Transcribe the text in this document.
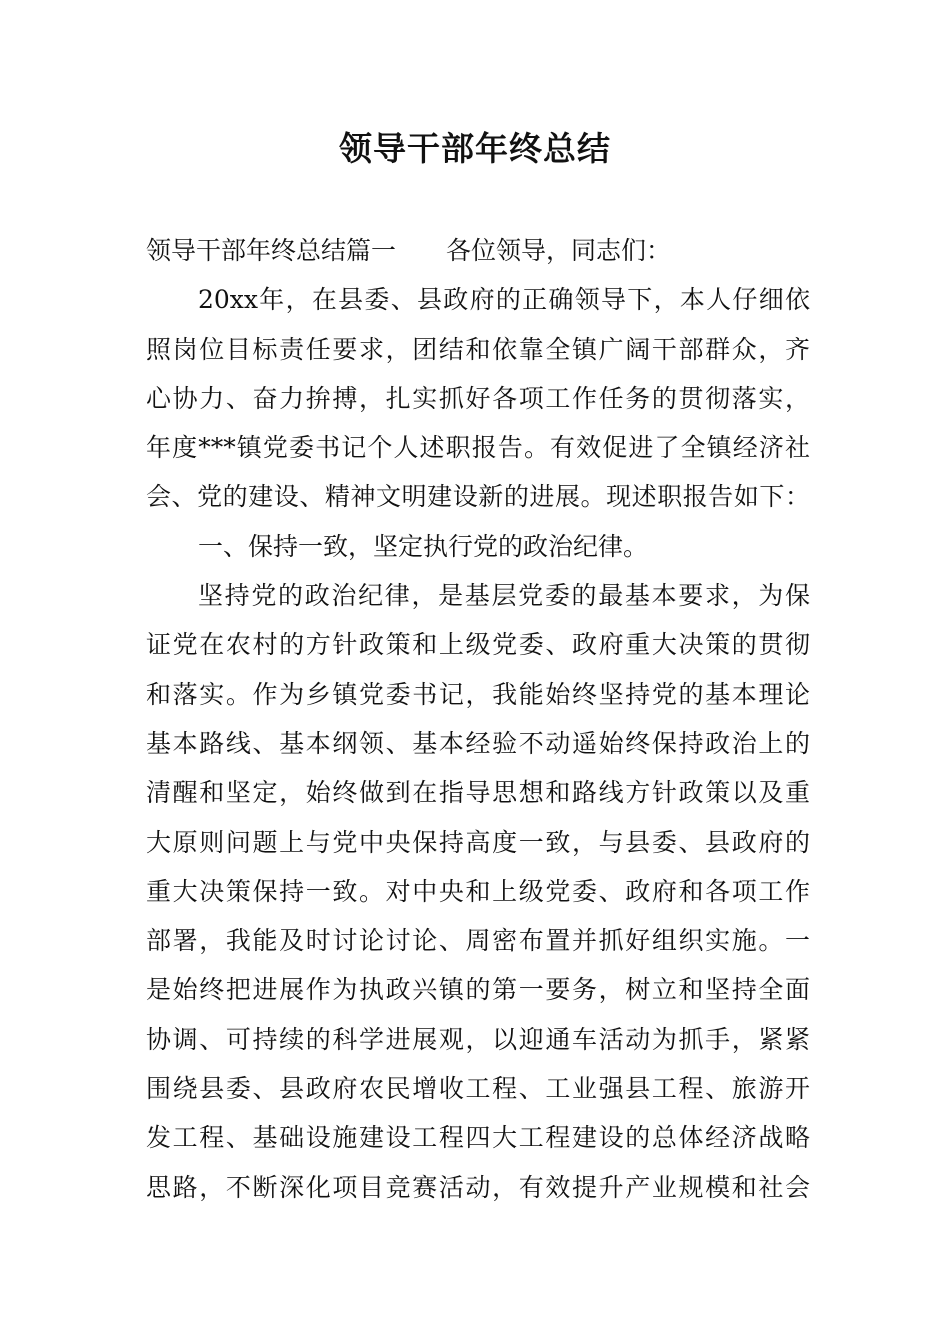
领导干部年终总结
领导干部年终总结篇一 各位领导，同志们：
20xx年，在县委、县政府的正确领导下，本人仔细依
照岗位目标责任要求，团结和依靠全镇广阔干部群众，齐
心协力、奋力拚搏，扎实抓好各项工作任务的贯彻落实，
年度***镇党委书记个人述职报告。有效促进了全镇经济社
会、党的建设、精神文明建设新的进展。现述职报告如下：
一、保持一致，坚定执行党的政治纪律。
坚持党的政治纪律，是基层党委的最基本要求，为保
证党在农村的方针政策和上级党委、政府重大决策的贯彻
和落实。作为乡镇党委书记，我能始终坚持党的基本理论
基本路线、基本纲领、基本经验不动遥始终保持政治上的
清醒和坚定，始终做到在指导思想和路线方针政策以及重
大原则问题上与党中央保持高度一致，与县委、县政府的
重大决策保持一致。对中央和上级党委、政府和各项工作
部署，我能及时讨论讨论、周密布置并抓好组织实施。一
是始终把进展作为执政兴镇的第一要务，树立和坚持全面
协调、可持续的科学进展观，以迎通车活动为抓手，紧紧
围绕县委、县政府农民增收工程、工业强县工程、旅游开
发工程、基础设施建设工程四大工程建设的总体经济战略
思路，不断深化项目竞赛活动，有效提升产业规模和社会
